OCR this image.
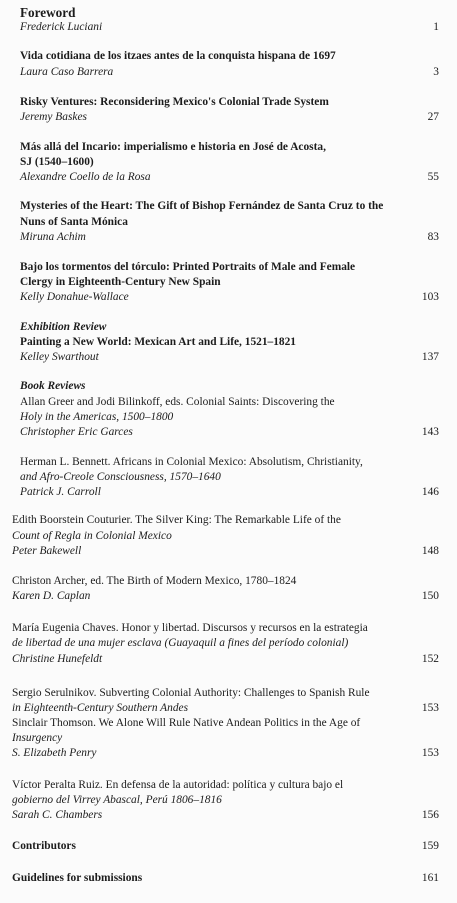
Foreword
Frederick Luciani	1
Vida cotidiana de los itzaes antes de la conquista hispana de 1697
Laura Caso Barrera	3
Risky Ventures: Reconsidering Mexico's Colonial Trade System
Jeremy Baskes	27
Más allá del Incario: imperialismo e historia en José de Acosta,
SJ (1540–1600)
Alexandre Coello de la Rosa	55
Mysteries of the Heart: The Gift of Bishop Fernández de Santa Cruz to the
Nuns of Santa Mónica
Miruna Achim	83
Bajo los tormentos del tórculo: Printed Portraits of Male and Female
Clergy in Eighteenth-Century New Spain
Kelly Donahue-Wallace	103
Exhibition Review
Painting a New World: Mexican Art and Life, 1521–1821
Kelley Swarthout	137
Book Reviews
Allan Greer and Jodi Bilinkoff, eds. Colonial Saints: Discovering the
Holy in the Americas, 1500–1800
Christopher Eric Garces	143
Herman L. Bennett. Africans in Colonial Mexico: Absolutism, Christianity,
and Afro-Creole Consciousness, 1570–1640
Patrick J. Carroll	146
Edith Boorstein Couturier. The Silver King: The Remarkable Life of the
Count of Regla in Colonial Mexico
Peter Bakewell	148
Christon Archer, ed. The Birth of Modern Mexico, 1780–1824
Karen D. Caplan	150
María Eugenia Chaves. Honor y libertad. Discursos y recursos en la estrategia
de libertad de una mujer esclava (Guayaquil a fines del período colonial)
Christine Hunefeldt	152
Sergio Serulnikov. Subverting Colonial Authority: Challenges to Spanish Rule
in Eighteenth-Century Southern Andes	153
Sinclair Thomson. We Alone Will Rule Native Andean Politics in the Age of
Insurgency
S. Elizabeth Penry	153
Víctor Peralta Ruiz. En defensa de la autoridad: política y cultura bajo el
gobierno del Virrey Abascal, Perú 1806–1816
Sarah C. Chambers	156
Contributors	159
Guidelines for submissions	161
